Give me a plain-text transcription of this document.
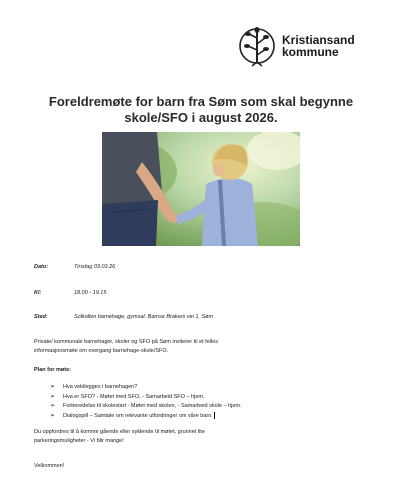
Kristiansand
kommune
Foreldremøte for barn fra Søm som skal begynne
skole/SFO i august 2026.
Dato:	Tirsdag 03.03.26
Kl:	18.00 - 19.15
Sted:	Solkollen barnehage, gymsal. Bamse Brakars vei 1, Søm
Private/ kommunale barnehager, skoler og SFO på Søm inviterer til et felles
informasjonsmøte om overgang barnehage-skole/SFO.
Plan for møte:
➢ Hva vektlegges i barnehagen?
➢ Hva er SFO? - Møtet med SFO, - Samarbeid SFO – hjem.
➢ Forberedelse til skolestart - Møtet med skolen, - Samarbeid skole – hjem.
➢ Dialogspill – Samtale om relevante utfordringer om våre barn.
Du oppfordres til å komme gående eller syklende til møtet, grunnet lite
parkeringsmuligheter - Vi blir mange!
Velkommen!
